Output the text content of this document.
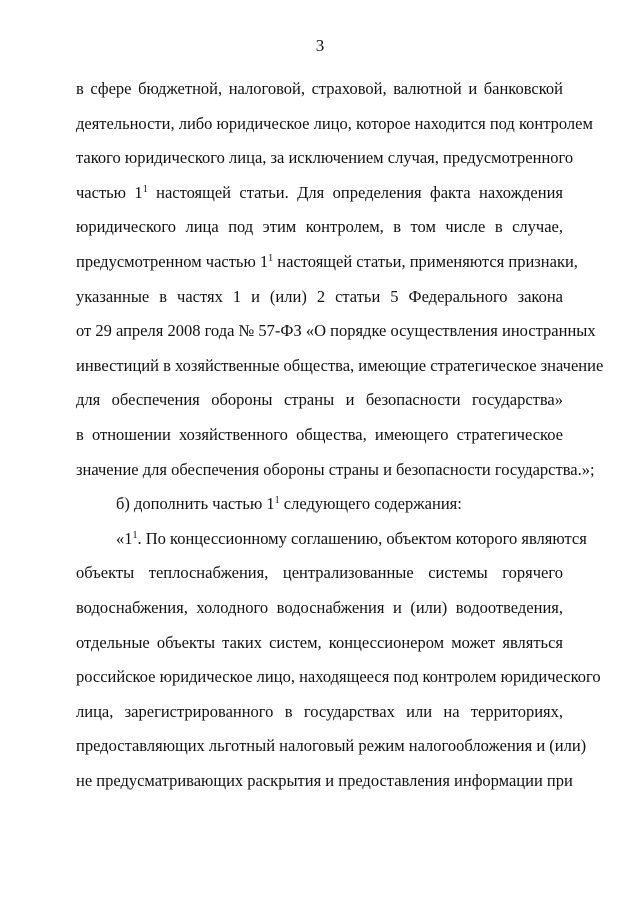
3
в сфере бюджетной, налоговой, страховой, валютной и банковской
деятельности, либо юридическое лицо, которое находится под контролем
такого юридического лица, за исключением случая, предусмотренного
частью $1^1$ настоящей статьи. Для определения факта нахождения
юридического лица под этим контролем, в том числе в случае,
предусмотренном частью $1^1$ настоящей статьи, применяются признаки,
указанные в частях 1 и (или) 2 статьи 5 Федерального закона
от 29 апреля 2008 года № 57-ФЗ «О порядке осуществления иностранных
инвестиций в хозяйственные общества, имеющие стратегическое значение
для обеспечения обороны страны и безопасности государства»
в отношении хозяйственного общества, имеющего стратегическое
значение для обеспечения обороны страны и безопасности государства.»;
б) дополнить частью $1^1$ следующего содержания:
«$1^1$. По концессионному соглашению, объектом которого являются
объекты теплоснабжения, централизованные системы горячего
водоснабжения, холодного водоснабжения и (или) водоотведения,
отдельные объекты таких систем, концессионером может являться
российское юридическое лицо, находящееся под контролем юридического
лица, зарегистрированного в государствах или на территориях,
предоставляющих льготный налоговый режим налогообложения и (или)
не предусматривающих раскрытия и предоставления информации при
